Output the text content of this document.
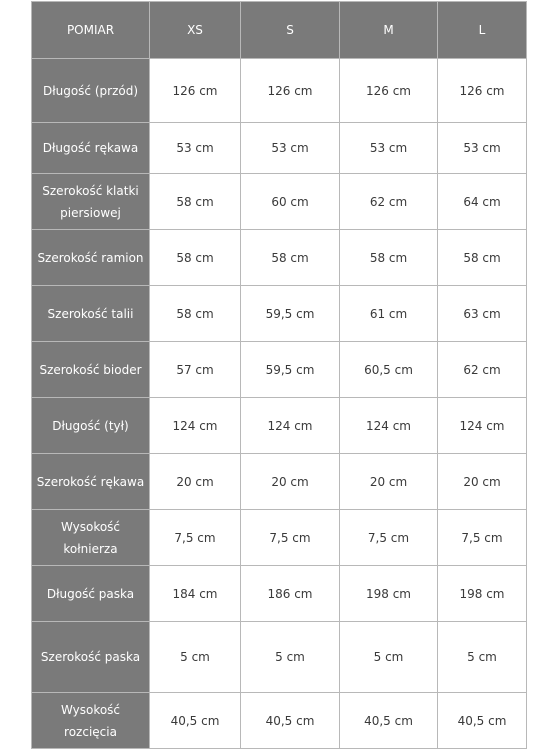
POMIAR	XS	S	M	L
Długość (przód)	126 cm	126 cm	126 cm	126 cm
Długość rękawa	53 cm	53 cm	53 cm	53 cm
Szerokość klatki piersiowej	58 cm	60 cm	62 cm	64 cm
Szerokość ramion	58 cm	58 cm	58 cm	58 cm
Szerokość talii	58 cm	59,5 cm	61 cm	63 cm
Szerokość bioder	57 cm	59,5 cm	60,5 cm	62 cm
Długość (tył)	124 cm	124 cm	124 cm	124 cm
Szerokość rękawa	20 cm	20 cm	20 cm	20 cm
Wysokość kołnierza	7,5 cm	7,5 cm	7,5 cm	7,5 cm
Długość paska	184 cm	186 cm	198 cm	198 cm
Szerokość paska	5 cm	5 cm	5 cm	5 cm
Wysokość rozcięcia	40,5 cm	40,5 cm	40,5 cm	40,5 cm
